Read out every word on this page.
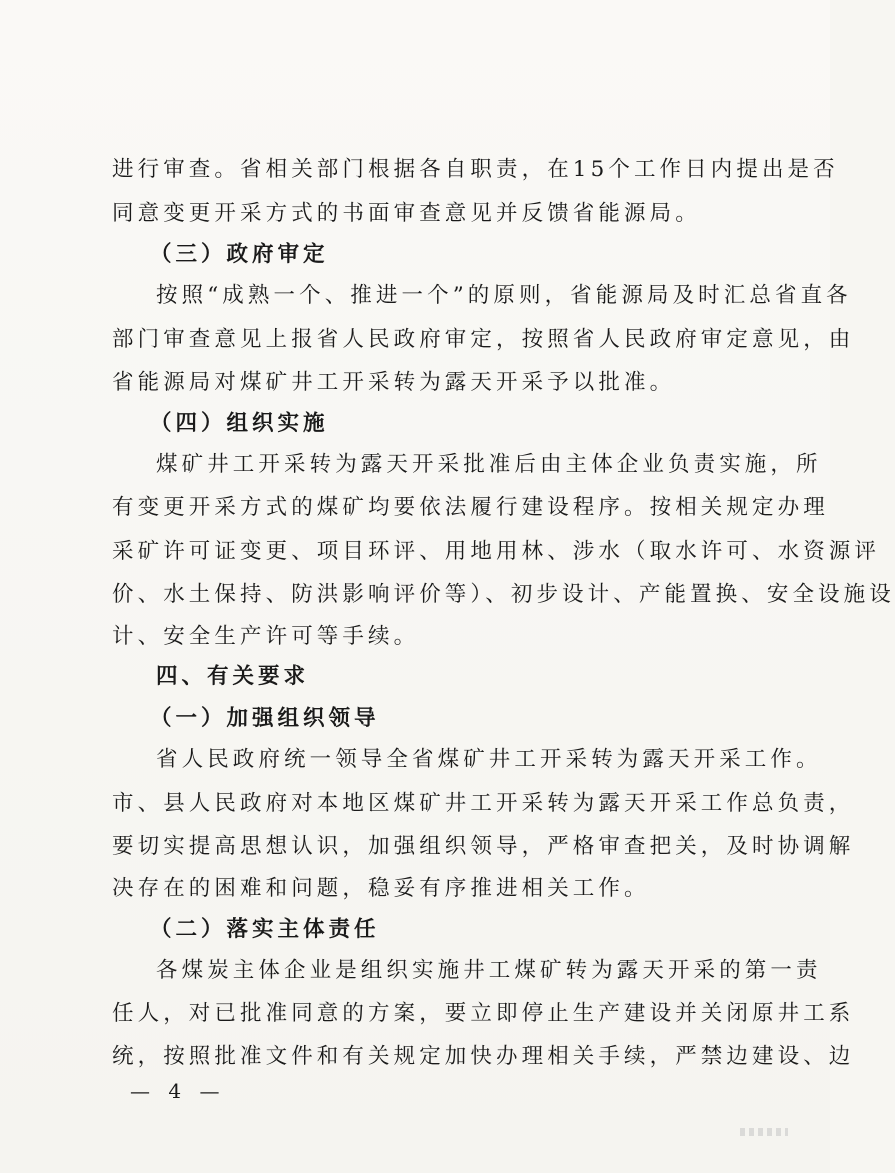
进行审查。省相关部门根据各自职责，在15个工作日内提出是否
同意变更开采方式的书面审查意见并反馈省能源局。
（三）政府审定
按照“成熟一个、推进一个”的原则，省能源局及时汇总省直各
部门审查意见上报省人民政府审定，按照省人民政府审定意见，由
省能源局对煤矿井工开采转为露天开采予以批准。
（四）组织实施
煤矿井工开采转为露天开采批准后由主体企业负责实施，所
有变更开采方式的煤矿均要依法履行建设程序。按相关规定办理
采矿许可证变更、项目环评、用地用林、涉水（取水许可、水资源评
价、水土保持、防洪影响评价等）、初步设计、产能置换、安全设施设
计、安全生产许可等手续。
四、有关要求
（一）加强组织领导
省人民政府统一领导全省煤矿井工开采转为露天开采工作。
市、县人民政府对本地区煤矿井工开采转为露天开采工作总负责，
要切实提高思想认识，加强组织领导，严格审查把关，及时协调解
决存在的困难和问题，稳妥有序推进相关工作。
（二）落实主体责任
各煤炭主体企业是组织实施井工煤矿转为露天开采的第一责
任人，对已批准同意的方案，要立即停止生产建设并关闭原井工系
统，按照批准文件和有关规定加快办理相关手续，严禁边建设、边
— 4 —
